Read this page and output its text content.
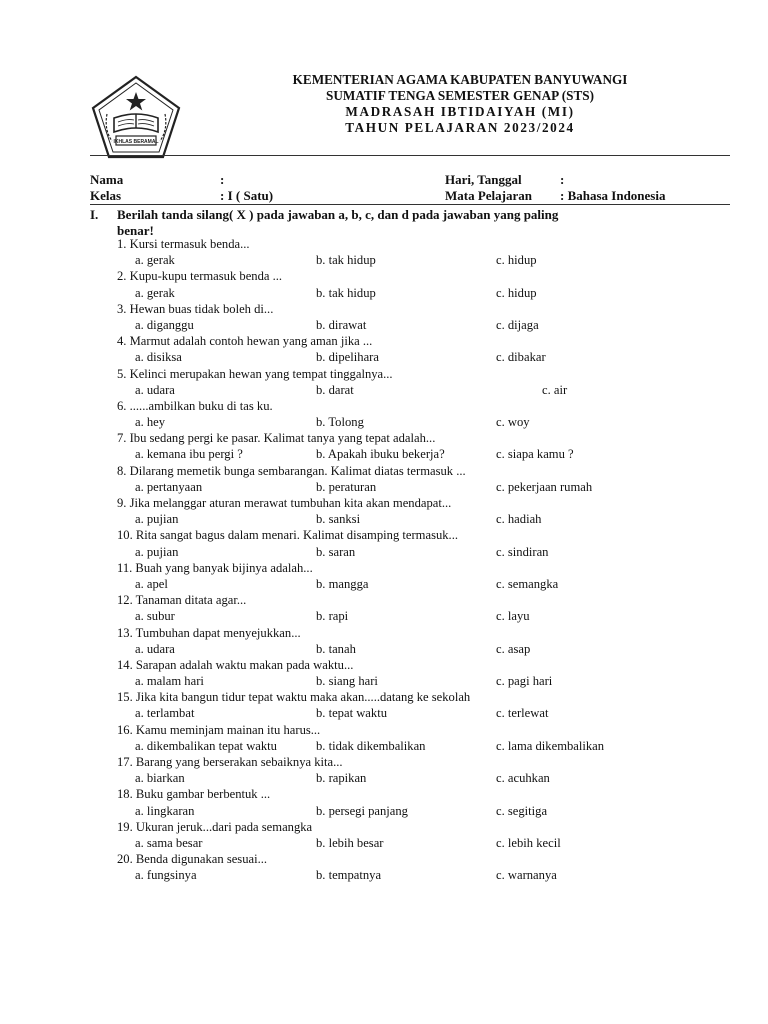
IKHLAS BERAMAL
KEMENTERIAN AGAMA KABUPATEN BANYUWANGI
SUMATIF TENGA SEMESTER GENAP (STS)
MADRASAH IBTIDAIYAH (MI)
TAHUN PELAJARAN 2023/2024
Nama	:	Hari, Tanggal	:
Kelas	: I ( Satu)	Mata Pelajaran : Bahasa Indonesia
I. Berilah tanda silang( X ) pada jawaban a, b, c, dan d pada jawaban yang paling
benar!
1. Kursi termasuk benda...
a. gerak	b. tak hidup	c. hidup
2. Kupu-kupu termasuk benda ...
a. gerak	b. tak hidup	c. hidup
3. Hewan buas tidak boleh di...
a. diganggu	b. dirawat	c. dijaga
4. Marmut adalah contoh hewan yang aman jika ...
a. disiksa	b. dipelihara	c. dibakar
5. Kelinci merupakan hewan yang tempat tinggalnya...
a. udara	b. darat	c. air
6. ......ambilkan buku di tas ku.
a. hey	b. Tolong	c. woy
7. Ibu sedang pergi ke pasar. Kalimat tanya yang tepat adalah...
a. kemana ibu pergi ?	b. Apakah ibuku bekerja?	c. siapa kamu ?
8. Dilarang memetik bunga sembarangan. Kalimat diatas termasuk ...
a. pertanyaan	b. peraturan	c. pekerjaan rumah
9. Jika melanggar aturan merawat tumbuhan kita akan mendapat...
a. pujian	b. sanksi	c. hadiah
10. Rita sangat bagus dalam menari. Kalimat disamping termasuk...
a. pujian	b. saran	c. sindiran
11. Buah yang banyak bijinya adalah...
a. apel	b. mangga	c. semangka
12. Tanaman ditata agar...
a. subur	b. rapi	c. layu
13. Tumbuhan dapat menyejukkan...
a. udara	b. tanah	c. asap
14. Sarapan adalah waktu makan pada waktu...
a. malam hari	b. siang hari	c. pagi hari
15. Jika kita bangun tidur tepat waktu maka akan.....datang ke sekolah
a. terlambat	b. tepat waktu	c. terlewat
16. Kamu meminjam mainan itu harus...
a. dikembalikan tepat waktu	b. tidak dikembalikan	c. lama dikembalikan
17. Barang yang berserakan sebaiknya kita...
a. biarkan	b. rapikan	c. acuhkan
18. Buku gambar berbentuk ...
a. lingkaran	b. persegi panjang	c. segitiga
19. Ukuran jeruk...dari pada semangka
a. sama besar	b. lebih besar	c. lebih kecil
20. Benda digunakan sesuai...
a. fungsinya	b. tempatnya	c. warnanya
